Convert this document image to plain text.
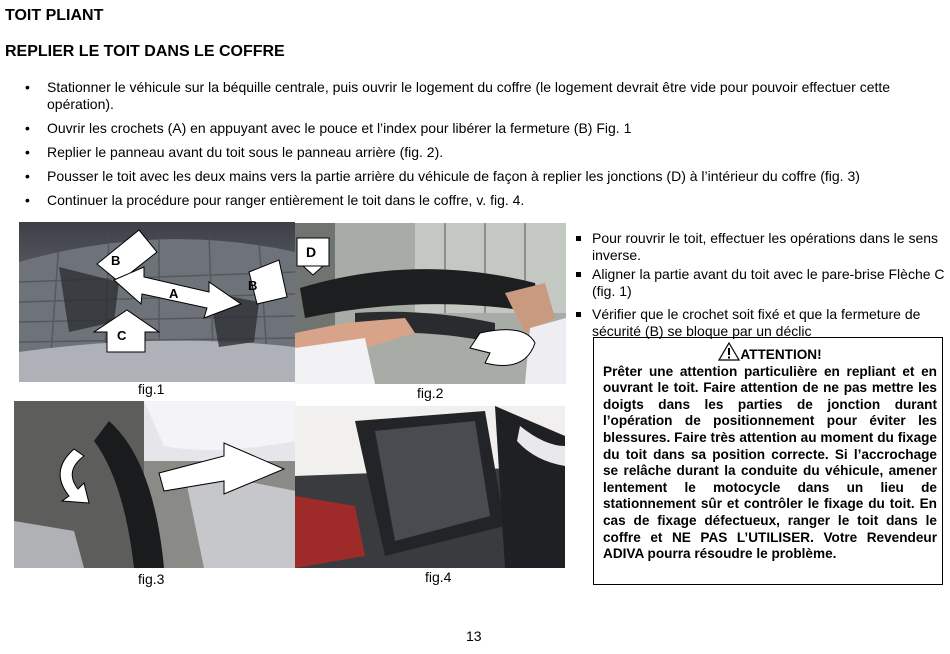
TOIT PLIANT
REPLIER LE TOIT DANS LE COFFRE
• Stationner le véhicule sur la béquille centrale, puis ouvrir le logement du coffre (le logement devrait être vide pour pouvoir effectuer cette opération).
• Ouvrir les crochets (A) en appuyant avec le pouce et l’index pour libérer la fermeture (B) Fig. 1
• Replier le panneau avant du toit sous le panneau arrière (fig. 2).
• Pousser le toit avec les deux mains vers la partie arrière du véhicule de façon à replier les jonctions (D) à l’intérieur du coffre (fig. 3)
• Continuer la procédure pour ranger entièrement le toit dans le coffre, v. fig. 4.
B
B
A
C
fig.1
D
fig.2
fig.3	fig.4
Pour rouvrir le toit, effectuer les opérations dans le sens inverse.
Aligner la partie avant du toit avec le pare-brise Flèche C (fig. 1)
Vérifier que le crochet soit fixé et que la fermeture de sécurité (B) se bloque par un déclic
ATTENTION!
Prêter une attention particulière en repliant et en ouvrant le toit. Faire attention de ne pas mettre les doigts dans les parties de jonction durant l’opération de positionnement pour éviter les blessures. Faire très attention au moment du fixage du toit dans sa position correcte. Si l’accrochage se relâche durant la conduite du véhicule, amener lentement le motocycle dans un lieu de stationnement sûr et contrôler le fixage du toit. En cas de fixage défectueux, ranger le toit dans le coffre et NE PAS L’UTILISER. Votre Revendeur ADIVA pourra résoudre le problème.
13
